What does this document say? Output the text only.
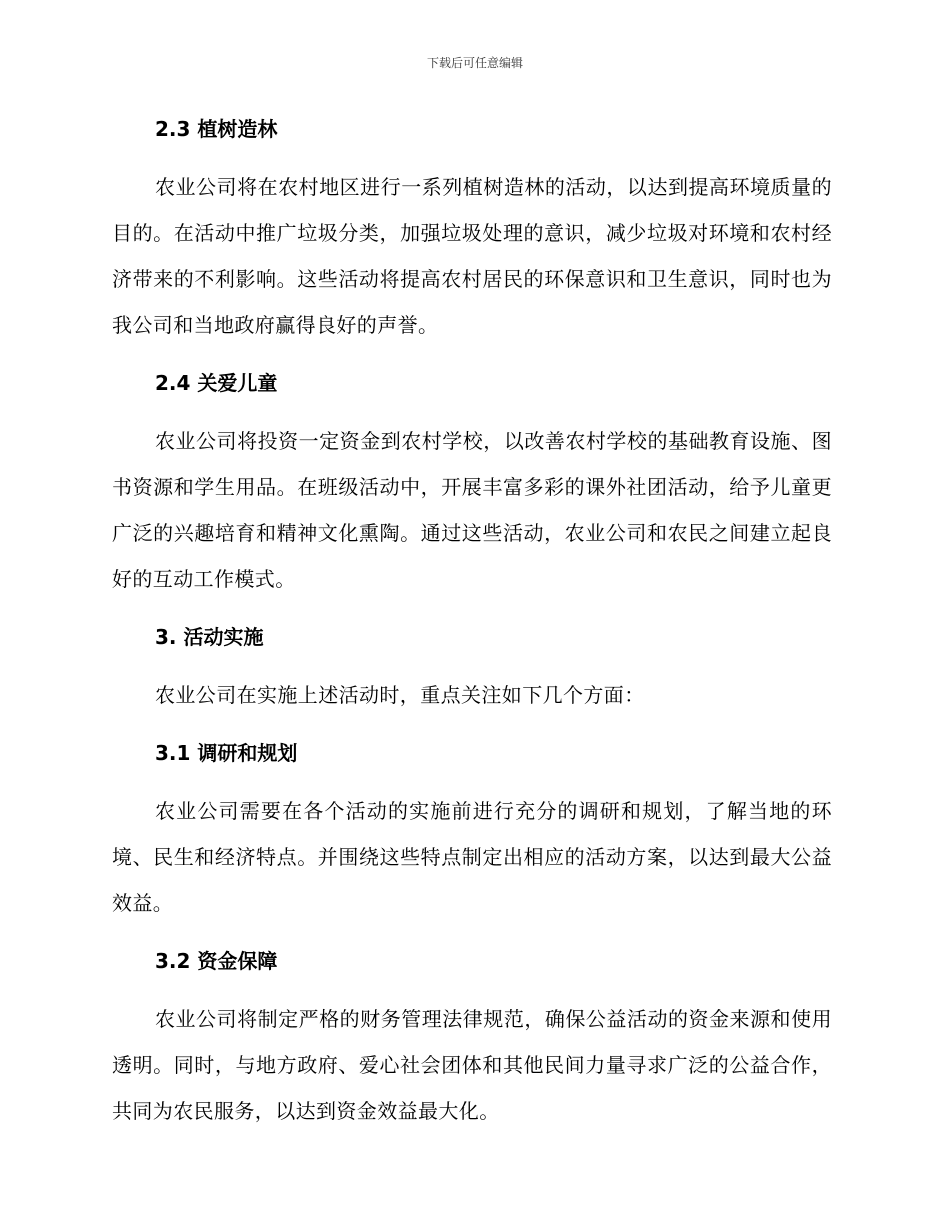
下载后可任意编辑
2.3 植树造林

农业公司将在农村地区进行一系列植树造林的活动，以达到提高环境质量的目的。在活动中推广垃圾分类，加强垃圾处理的意识，减少垃圾对环境和农村经济带来的不利影响。这些活动将提高农村居民的环保意识和卫生意识，同时也为我公司和当地政府赢得良好的声誉。

2.4 关爱儿童

农业公司将投资一定资金到农村学校，以改善农村学校的基础教育设施、图书资源和学生用品。在班级活动中，开展丰富多彩的课外社团活动，给予儿童更广泛的兴趣培育和精神文化熏陶。通过这些活动，农业公司和农民之间建立起良好的互动工作模式。

3. 活动实施

农业公司在实施上述活动时，重点关注如下几个方面：

3.1 调研和规划

农业公司需要在各个活动的实施前进行充分的调研和规划，了解当地的环境、民生和经济特点。并围绕这些特点制定出相应的活动方案，以达到最大公益效益。

3.2 资金保障

农业公司将制定严格的财务管理法律规范，确保公益活动的资金来源和使用透明。同时，与地方政府、爱心社会团体和其他民间力量寻求广泛的公益合作，共同为农民服务，以达到资金效益最大化。
